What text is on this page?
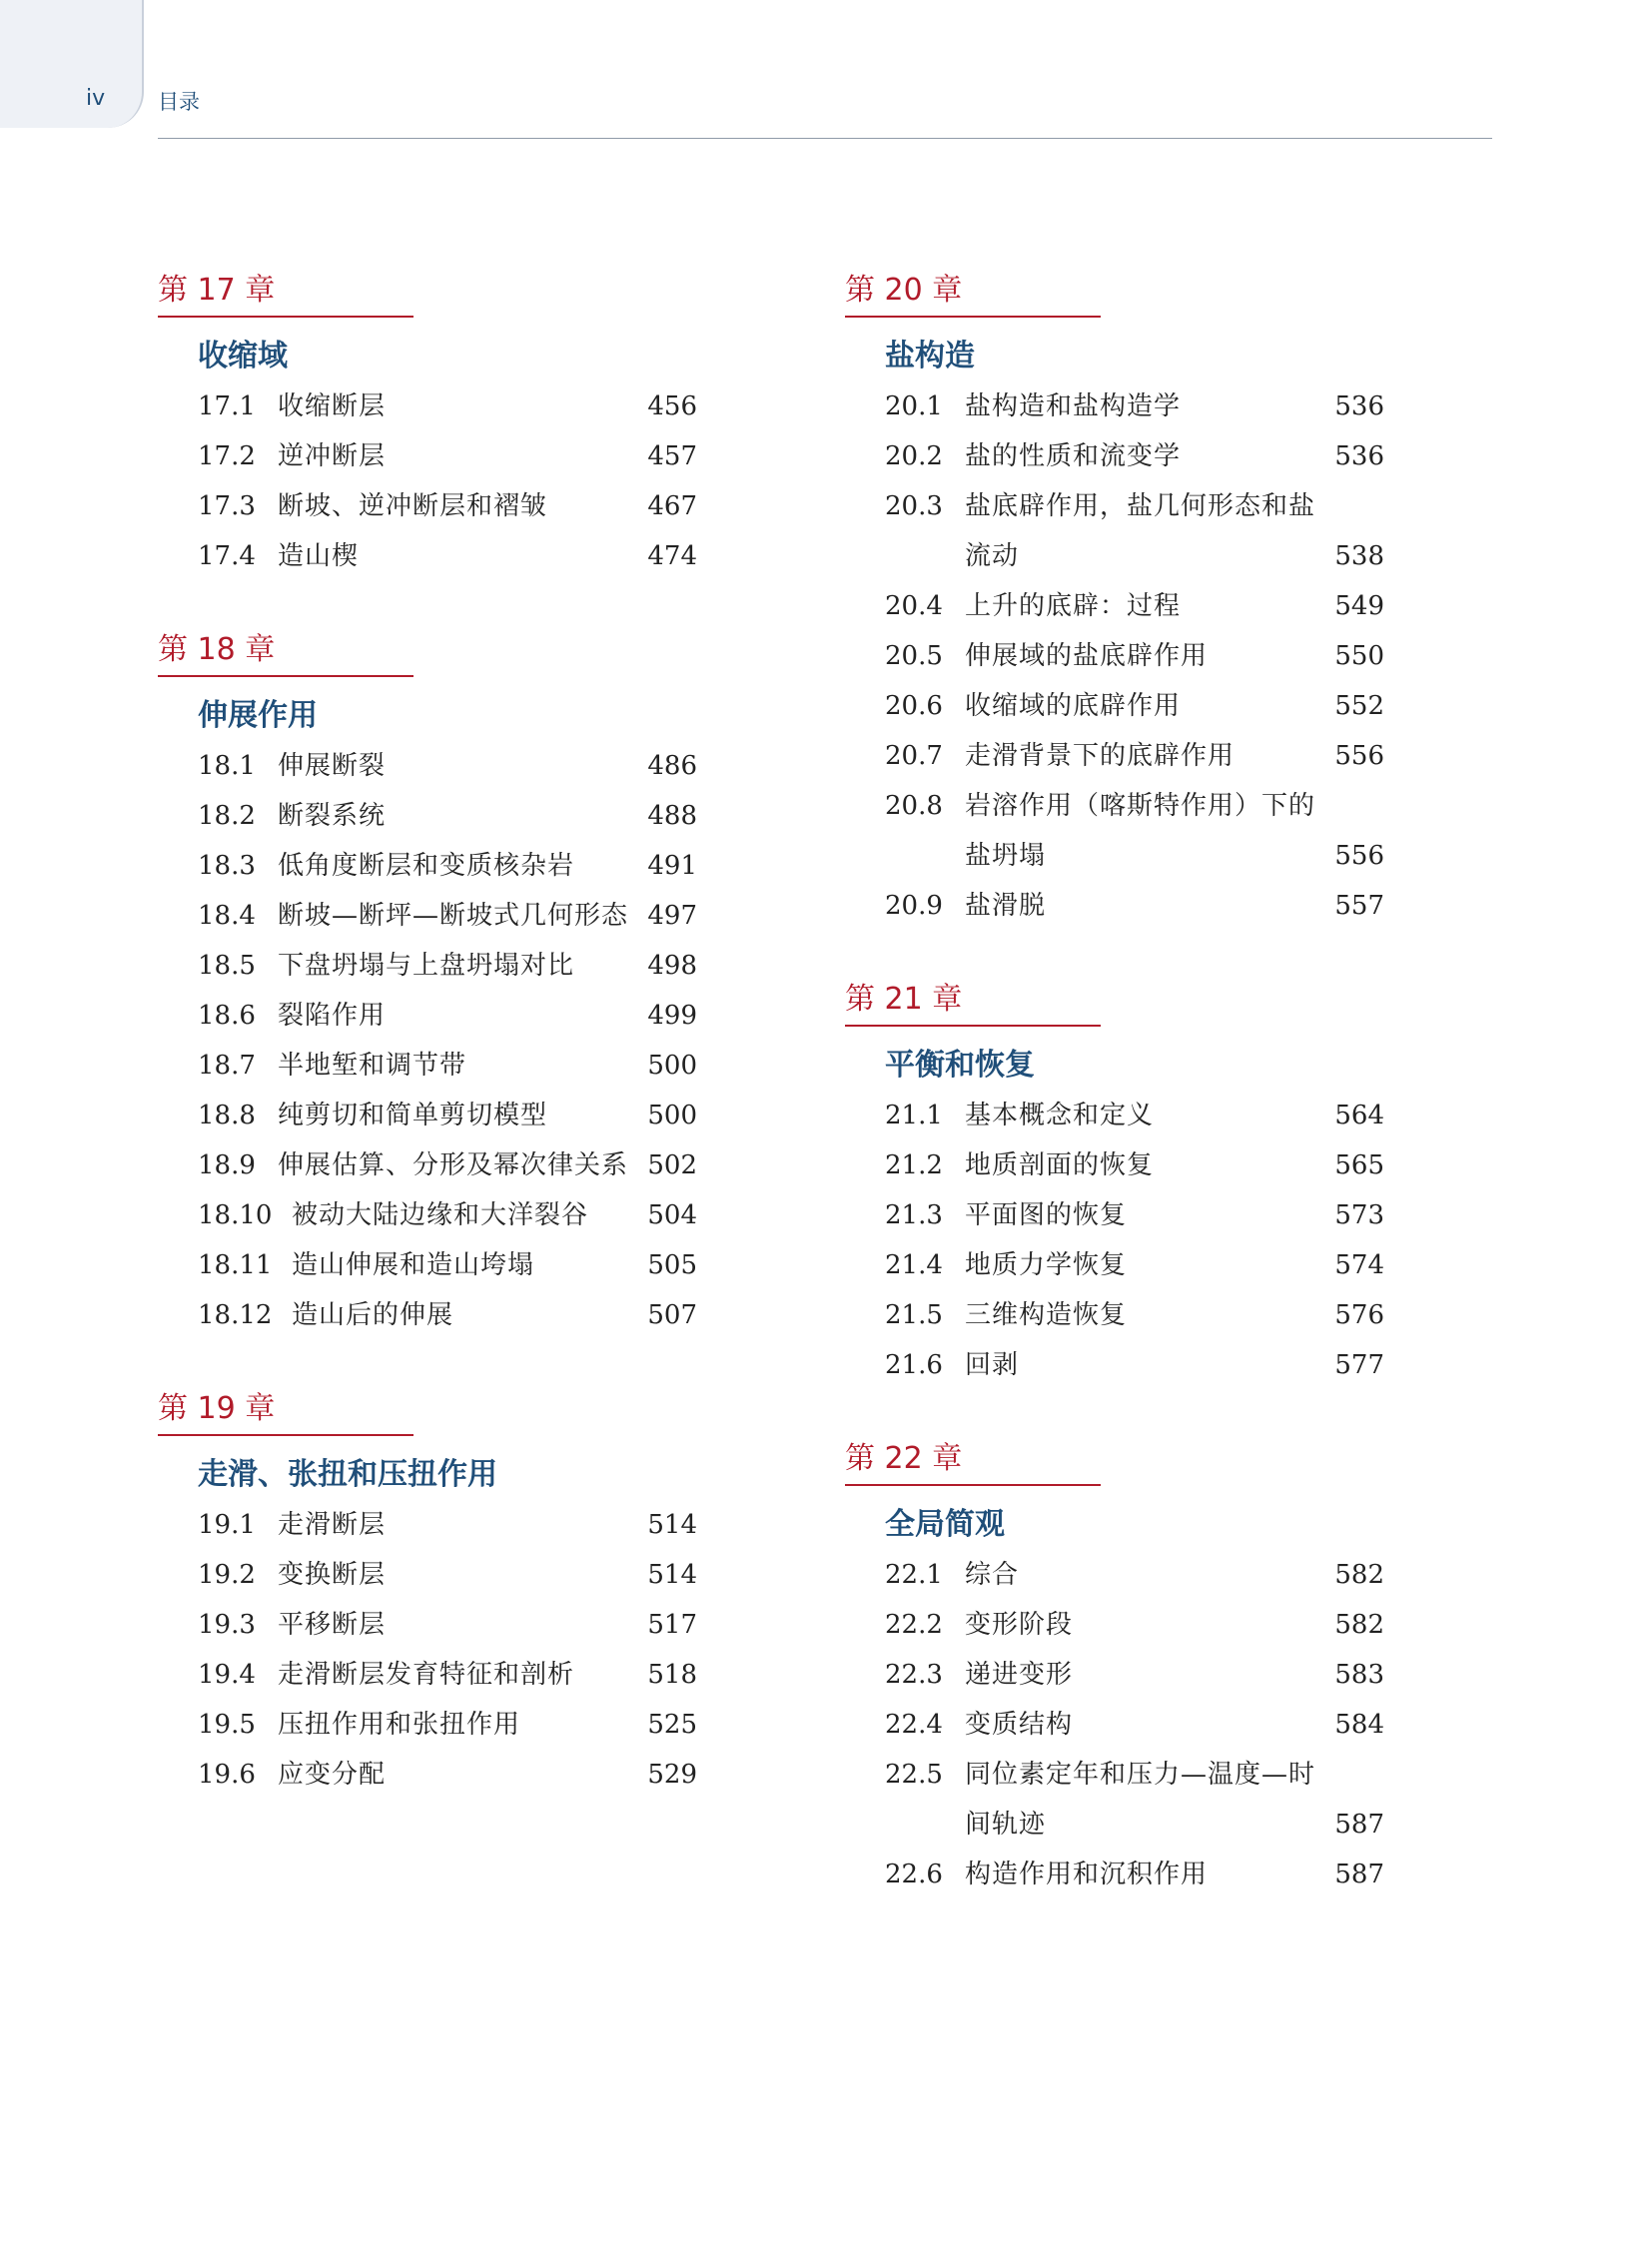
iv	目录
第 17 章
收缩域
17.1 收缩断层	456
17.2 逆冲断层	457
17.3 断坡、逆冲断层和褶皱	467
17.4 造山楔	474
第 18 章
伸展作用
18.1 伸展断裂	486
18.2 断裂系统	488
18.3 低角度断层和变质核杂岩	491
18.4 断坡—断坪—断坡式几何形态 497
18.5 下盘坍塌与上盘坍塌对比	498
18.6 裂陷作用	499
18.7 半地堑和调节带	500
18.8 纯剪切和简单剪切模型	500
18.9 伸展估算、分形及幂次律关系 502
18.10 被动大陆边缘和大洋裂谷	504
18.11 造山伸展和造山垮塌	505
18.12 造山后的伸展	507
第 19 章
走滑、张扭和压扭作用
19.1 走滑断层	514
19.2 变换断层	514
19.3 平移断层	517
19.4 走滑断层发育特征和剖析	518
19.5 压扭作用和张扭作用	525
19.6 应变分配	529
第 20 章
盐构造
20.1 盐构造和盐构造学	536
20.2 盐的性质和流变学	536
20.3 盐底辟作用，盐几何形态和盐流动	538
20.4 上升的底辟：过程	549
20.5 伸展域的盐底辟作用	550
20.6 收缩域的底辟作用	552
20.7 走滑背景下的底辟作用	556
20.8 岩溶作用（喀斯特作用）下的盐坍塌	556
20.9 盐滑脱	557
第 21 章
平衡和恢复
21.1 基本概念和定义	564
21.2 地质剖面的恢复	565
21.3 平面图的恢复	573
21.4 地质力学恢复	574
21.5 三维构造恢复	576
21.6 回剥	577
第 22 章
全局简观
22.1 综合	582
22.2 变形阶段	582
22.3 递进变形	583
22.4 变质结构	584
22.5 同位素定年和压力—温度—时间轨迹	587
22.6 构造作用和沉积作用	587
